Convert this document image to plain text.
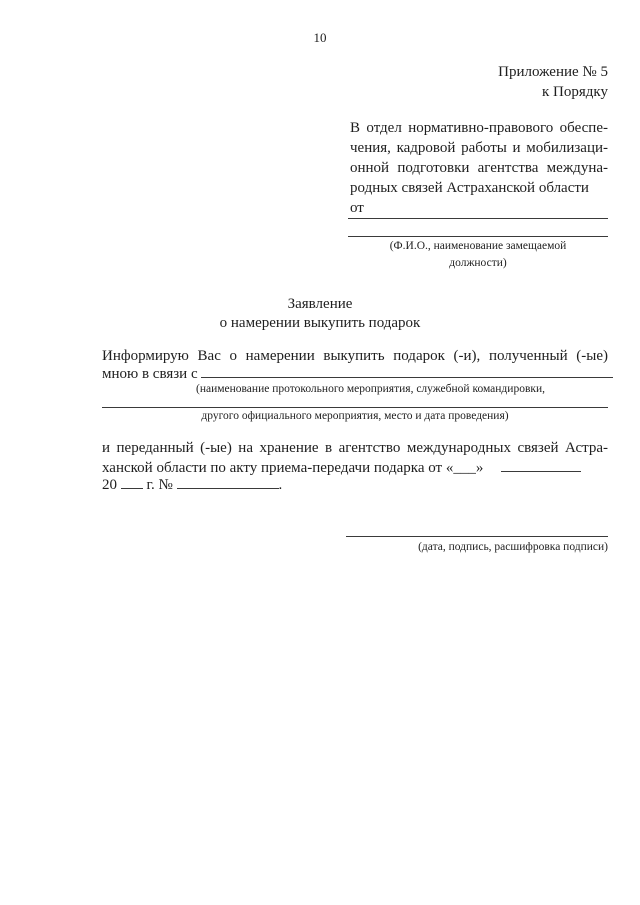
10
Приложение № 5
к Порядку
В отдел нормативно-правового обеспе-
чения, кадровой работы и мобилизаци-
онной подготовки агентства междуна-
родных связей Астраханской области
от
(Ф.И.О., наименование замещаемой
должности)
Заявление
о намерении выкупить подарок
Информирую Вас о намерении выкупить подарок (-и), полученный (-ые)
мною в связи с
(наименование протокольного мероприятия, служебной командировки,
другого официального мероприятия, место и дата проведения)
и переданный (-ые) на хранение в агентство международных связей Астра-
ханской области по акту приема-передачи подарка от «___»
20 г. №	.
(дата, подпись, расшифровка подписи)
